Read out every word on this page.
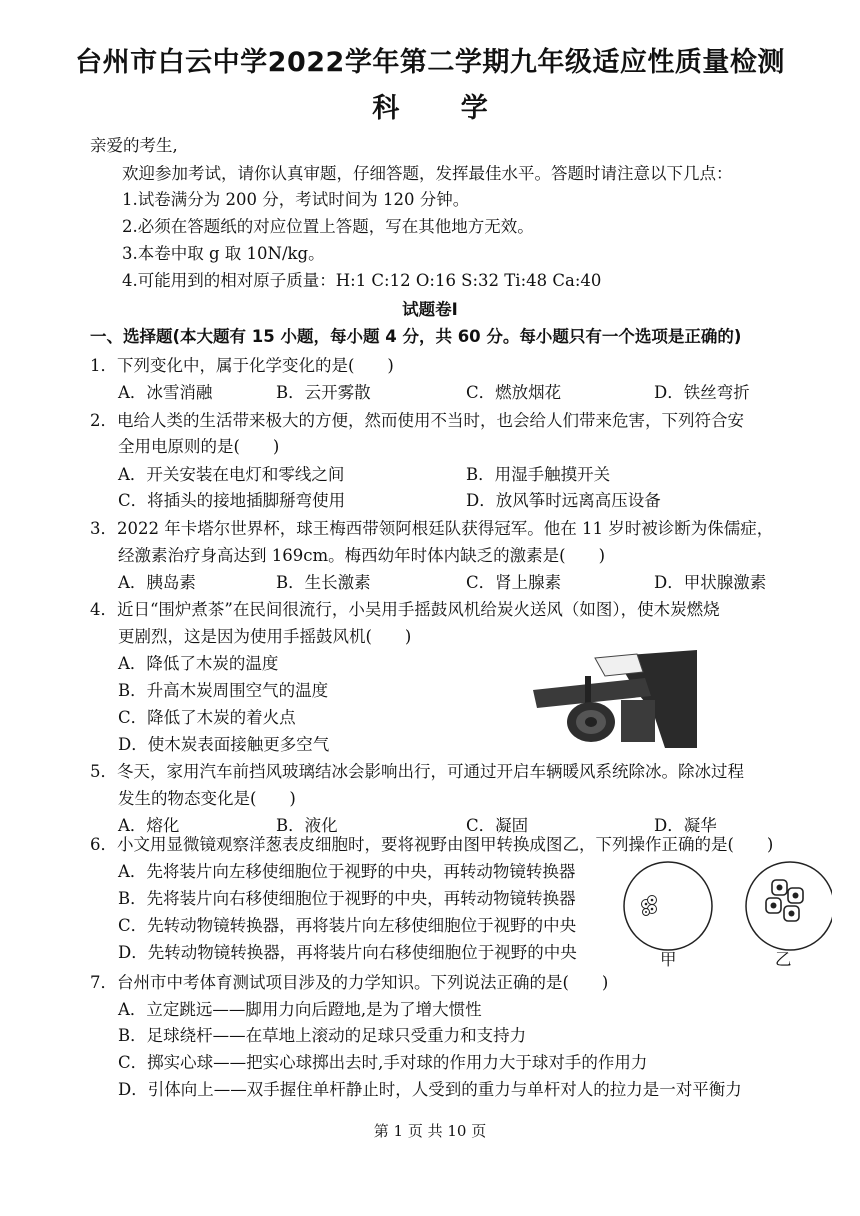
台州市白云中学2022学年第二学期九年级适应性质量检测
科 学
亲爱的考生,
欢迎参加考试，请你认真审题，仔细答题，发挥最佳水平。答题时请注意以下几点：
1.试卷满分为 200 分，考试时间为 120 分钟。
2.必须在答题纸的对应位置上答题，写在其他地方无效。
3.本卷中取 g 取 10N/kg。
4.可能用到的相对原子质量：H:1 C:12 O:16 S:32 Ti:48 Ca:40
试题卷Ⅰ
一、选择题(本大题有 15 小题，每小题 4 分，共 60 分。每小题只有一个选项是正确的)
1．下列变化中，属于化学变化的是(　　)
A．冰雪消融	B．云开雾散	C．燃放烟花	D．铁丝弯折
2．电给人类的生活带来极大的方便，然而使用不当时，也会给人们带来危害，下列符合安
全用电原则的是(　　)
A．开关安装在电灯和零线之间	B．用湿手触摸开关
C．将插头的接地插脚掰弯使用	D．放风筝时远离高压设备
3．2022 年卡塔尔世界杯，球王梅西带领阿根廷队获得冠军。他在 11 岁时被诊断为侏儒症，
经激素治疗身高达到 169cm。梅西幼年时体内缺乏的激素是(　　)
A．胰岛素	B．生长激素	C．肾上腺素	D．甲状腺激素
4．近日“围炉煮茶”在民间很流行，小吴用手摇鼓风机给炭火送风（如图），使木炭燃烧
更剧烈，这是因为使用手摇鼓风机(　　)
A．降低了木炭的温度
B．升高木炭周围空气的温度
C．降低了木炭的着火点
D．使木炭表面接触更多空气
5．冬天，家用汽车前挡风玻璃结冰会影响出行，可通过开启车辆暖风系统除冰。除冰过程
发生的物态变化是(　　)
A．熔化	B．液化	C．凝固	D．凝华
6．小文用显微镜观察洋葱表皮细胞时，要将视野由图甲转换成图乙，下列操作正确的是(　　)
A．先将装片向左移使细胞位于视野的中央，再转动物镜转换器
B．先将装片向右移使细胞位于视野的中央，再转动物镜转换器
C．先转动物镜转换器，再将装片向左移使细胞位于视野的中央
D．先转动物镜转换器，再将装片向右移使细胞位于视野的中央	甲	乙
7．台州市中考体育测试项目涉及的力学知识。下列说法正确的是(　　)
A．立定跳远——脚用力向后蹬地,是为了增大惯性
B．足球绕杆——在草地上滚动的足球只受重力和支持力
C．掷实心球——把实心球掷出去时,手对球的作用力大于球对手的作用力
D．引体向上——双手握住单杆静止时，人受到的重力与单杆对人的拉力是一对平衡力
第 1 页 共 10 页
